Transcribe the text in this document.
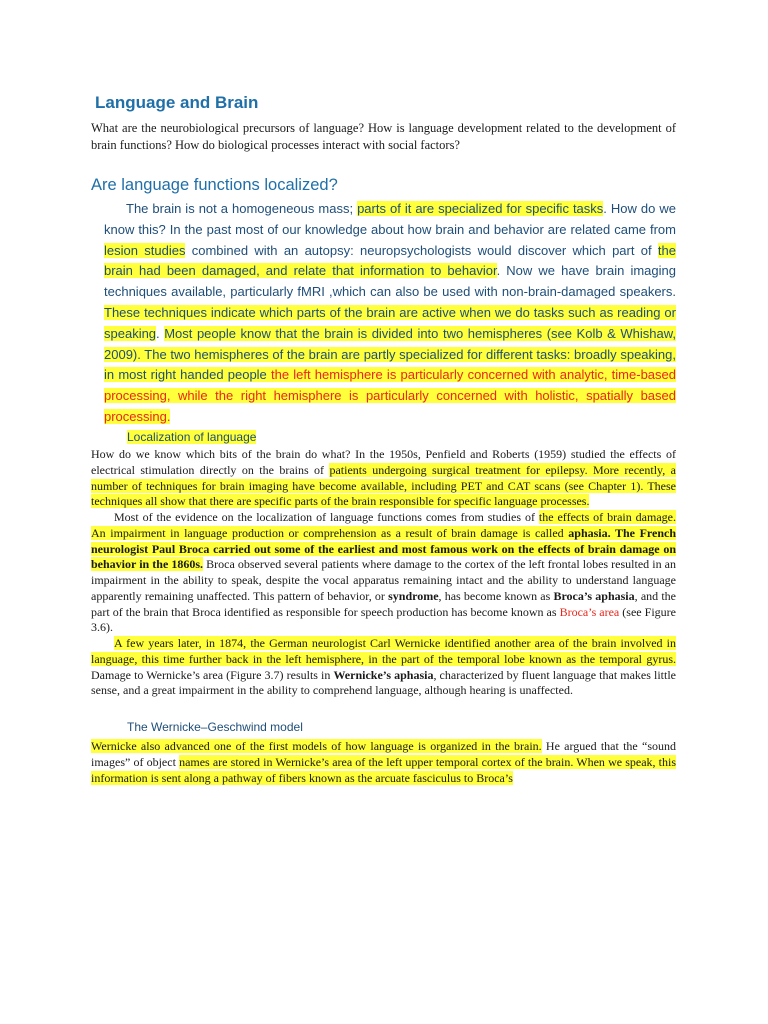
Language and Brain

What are the neurobiological precursors of language? How is language development related to the development of brain functions? How do biological processes interact with social factors?

Are language functions localized?

The brain is not a homogeneous mass; parts of it are specialized for specific tasks. How do we know this? In the past most of our knowledge about how brain and behavior are related came from lesion studies combined with an autopsy: neuropsychologists would discover which part of the brain had been damaged, and relate that information to behavior. Now we have brain imaging techniques available, particularly fMRI ,which can also be used with non-brain-damaged speakers. These techniques indicate which parts of the brain are active when we do tasks such as reading or speaking. Most people know that the brain is divided into two hemispheres (see Kolb & Whishaw, 2009). The two hemispheres of the brain are partly specialized for different tasks: broadly speaking, in most right handed people the left hemisphere is particularly concerned with analytic, time-based processing, while the right hemisphere is particularly concerned with holistic, spatially based processing.

Localization of language

How do we know which bits of the brain do what? In the 1950s, Penfield and Roberts (1959) studied the effects of electrical stimulation directly on the brains of patients undergoing surgical treatment for epilepsy. More recently, a number of techniques for brain imaging have become available, including PET and CAT scans (see Chapter 1). These techniques all show that there are specific parts of the brain responsible for specific language processes.

Most of the evidence on the localization of language functions comes from studies of the effects of brain damage. An impairment in language production or comprehension as a result of brain damage is called aphasia. The French neurologist Paul Broca carried out some of the earliest and most famous work on the effects of brain damage on behavior in the 1860s. Broca observed several patients where damage to the cortex of the left frontal lobes resulted in an impairment in the ability to speak, despite the vocal apparatus remaining intact and the ability to understand language apparently remaining unaffected. This pattern of behavior, or syndrome, has become known as Broca’s aphasia, and the part of the brain that Broca identified as responsible for speech production has become known as Broca’s area (see Figure 3.6).

A few years later, in 1874, the German neurologist Carl Wernicke identified another area of the brain involved in language, this time further back in the left hemisphere, in the part of the temporal lobe known as the temporal gyrus. Damage to Wernicke’s area (Figure 3.7) results in Wernicke’s aphasia, characterized by fluent language that makes little sense, and a great impairment in the ability to comprehend language, although hearing is unaffected.

The Wernicke–Geschwind model

Wernicke also advanced one of the first models of how language is organized in the brain. He argued that the “sound images” of object names are stored in Wernicke’s area of the left upper temporal cortex of the brain. When we speak, this information is sent along a pathway of fibers known as the arcuate fasciculus to Broca’s
